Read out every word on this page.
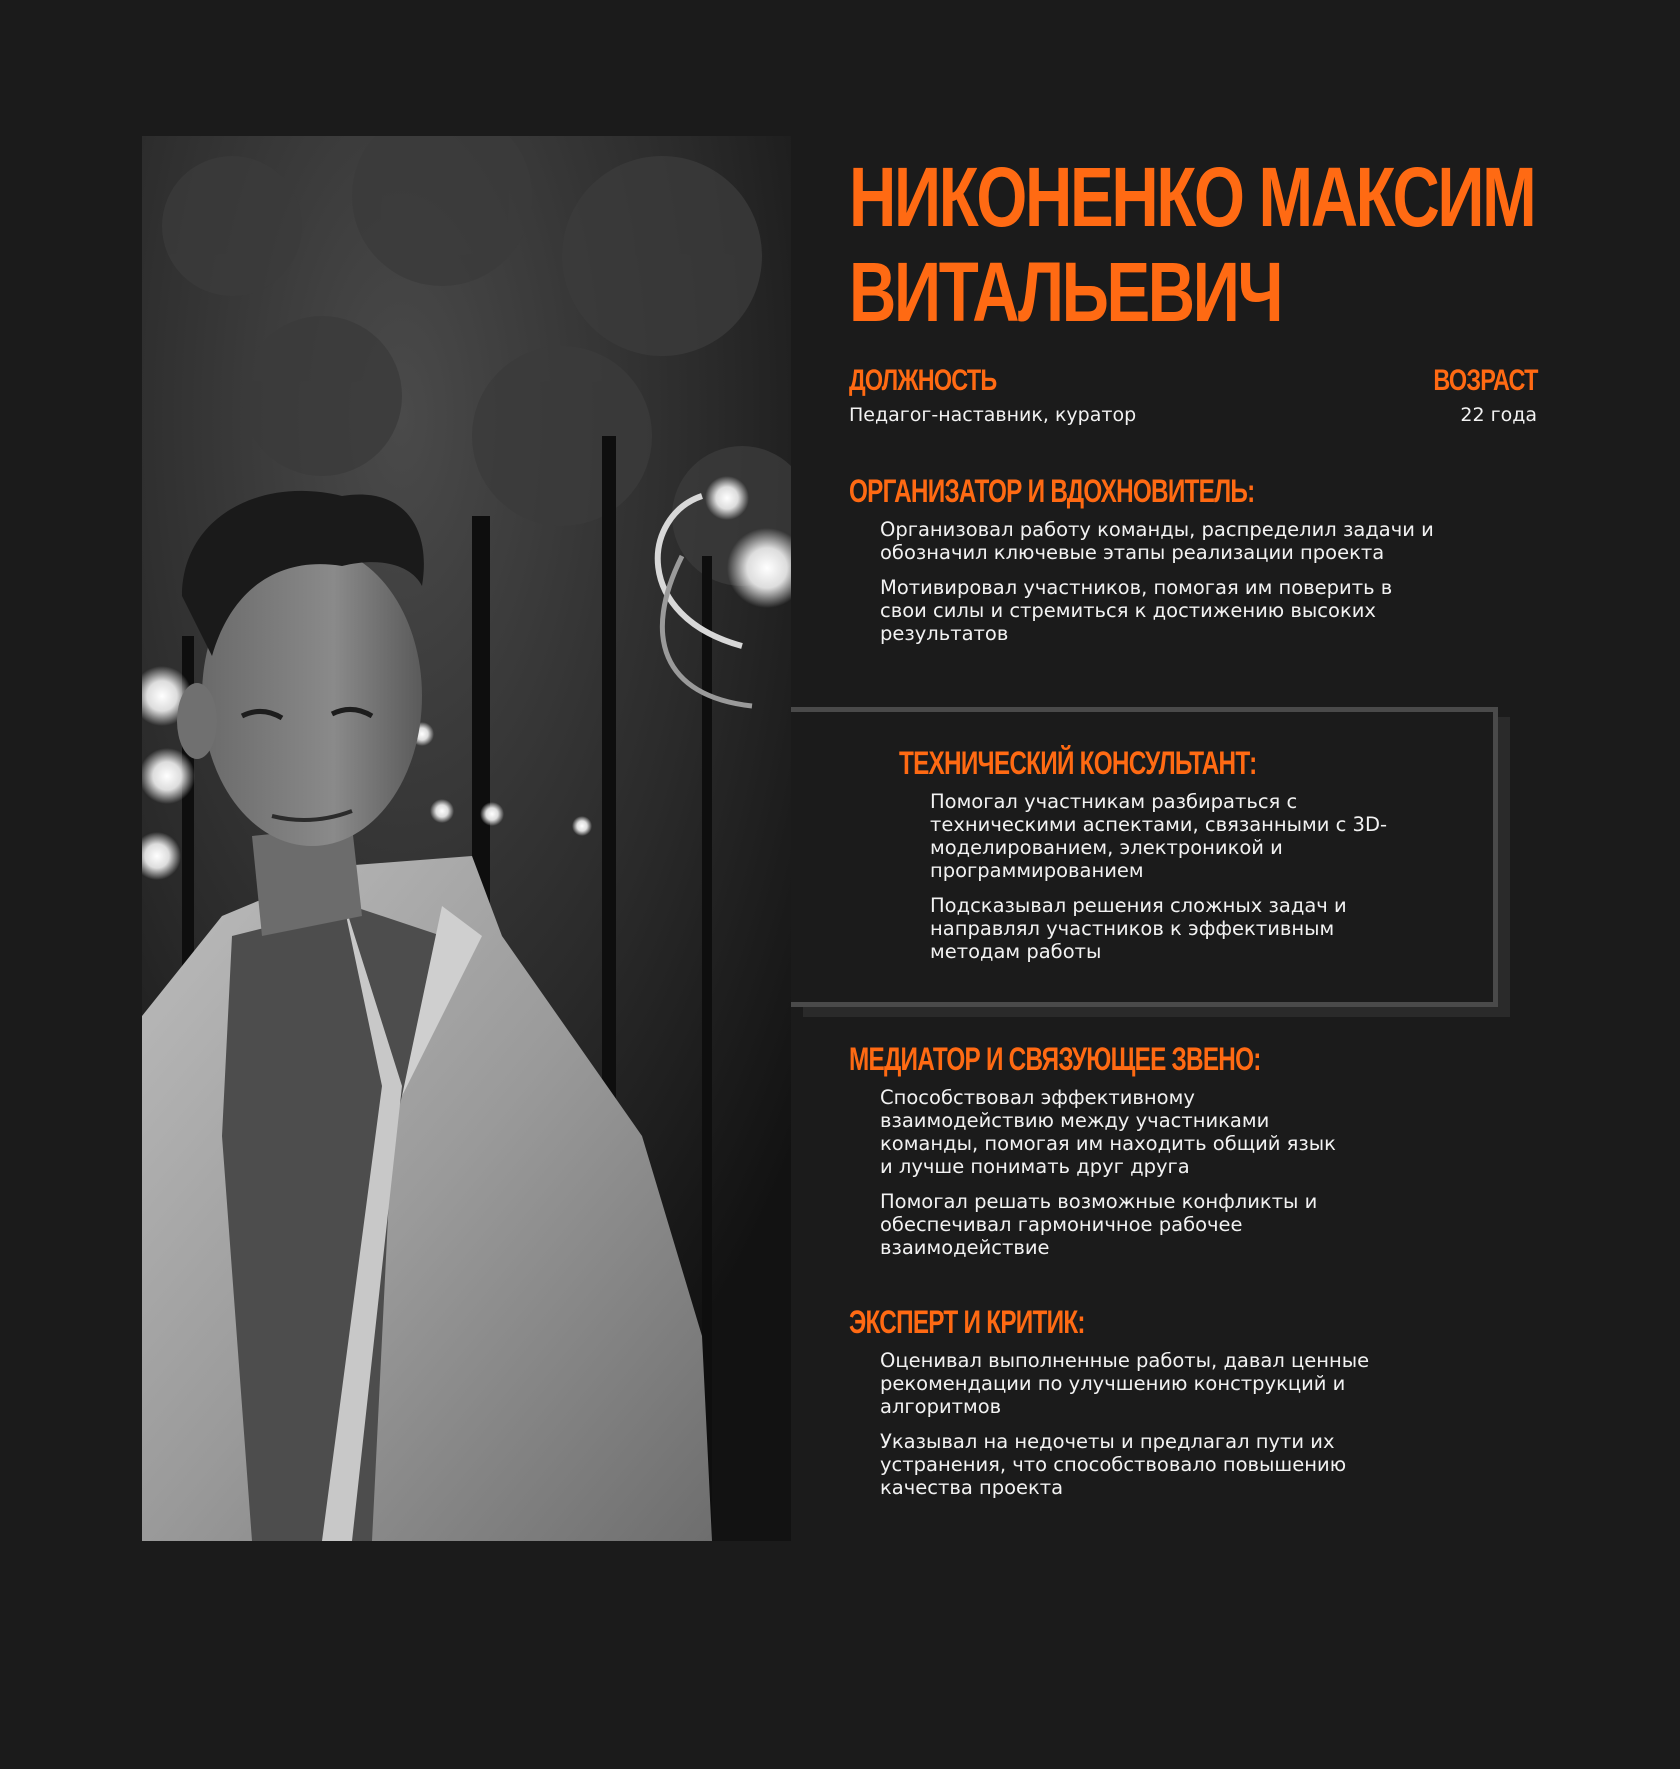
НИКОНЕНКО МАКСИМ
ВИТАЛЬЕВИЧ
ДОЛЖНОСТЬ
Педагог-наставник, куратор
ВОЗРАСТ
22 года
ОРГАНИЗАТОР И ВДОХНОВИТЕЛЬ:
Организовал работу команды, распределил задачи и обозначил ключевые этапы реализации проекта
Мотивировал участников, помогая им поверить в свои силы и стремиться к достижению высоких результатов
ТЕХНИЧЕСКИЙ КОНСУЛЬТАНТ:
Помогал участникам разбираться с техническими аспектами, связанными с 3D-моделированием, электроникой и программированием
Подсказывал решения сложных задач и направлял участников к эффективным методам работы
МЕДИАТОР И СВЯЗУЮЩЕЕ ЗВЕНО:
Способствовал эффективному взаимодействию между участниками команды, помогая им находить общий язык и лучше понимать друг друга
Помогал решать возможные конфликты и обеспечивал гармоничное рабочее взаимодействие
ЭКСПЕРТ И КРИТИК:
Оценивал выполненные работы, давал ценные рекомендации по улучшению конструкций и алгоритмов
Указывал на недочеты и предлагал пути их устранения, что способствовало повышению качества проекта
